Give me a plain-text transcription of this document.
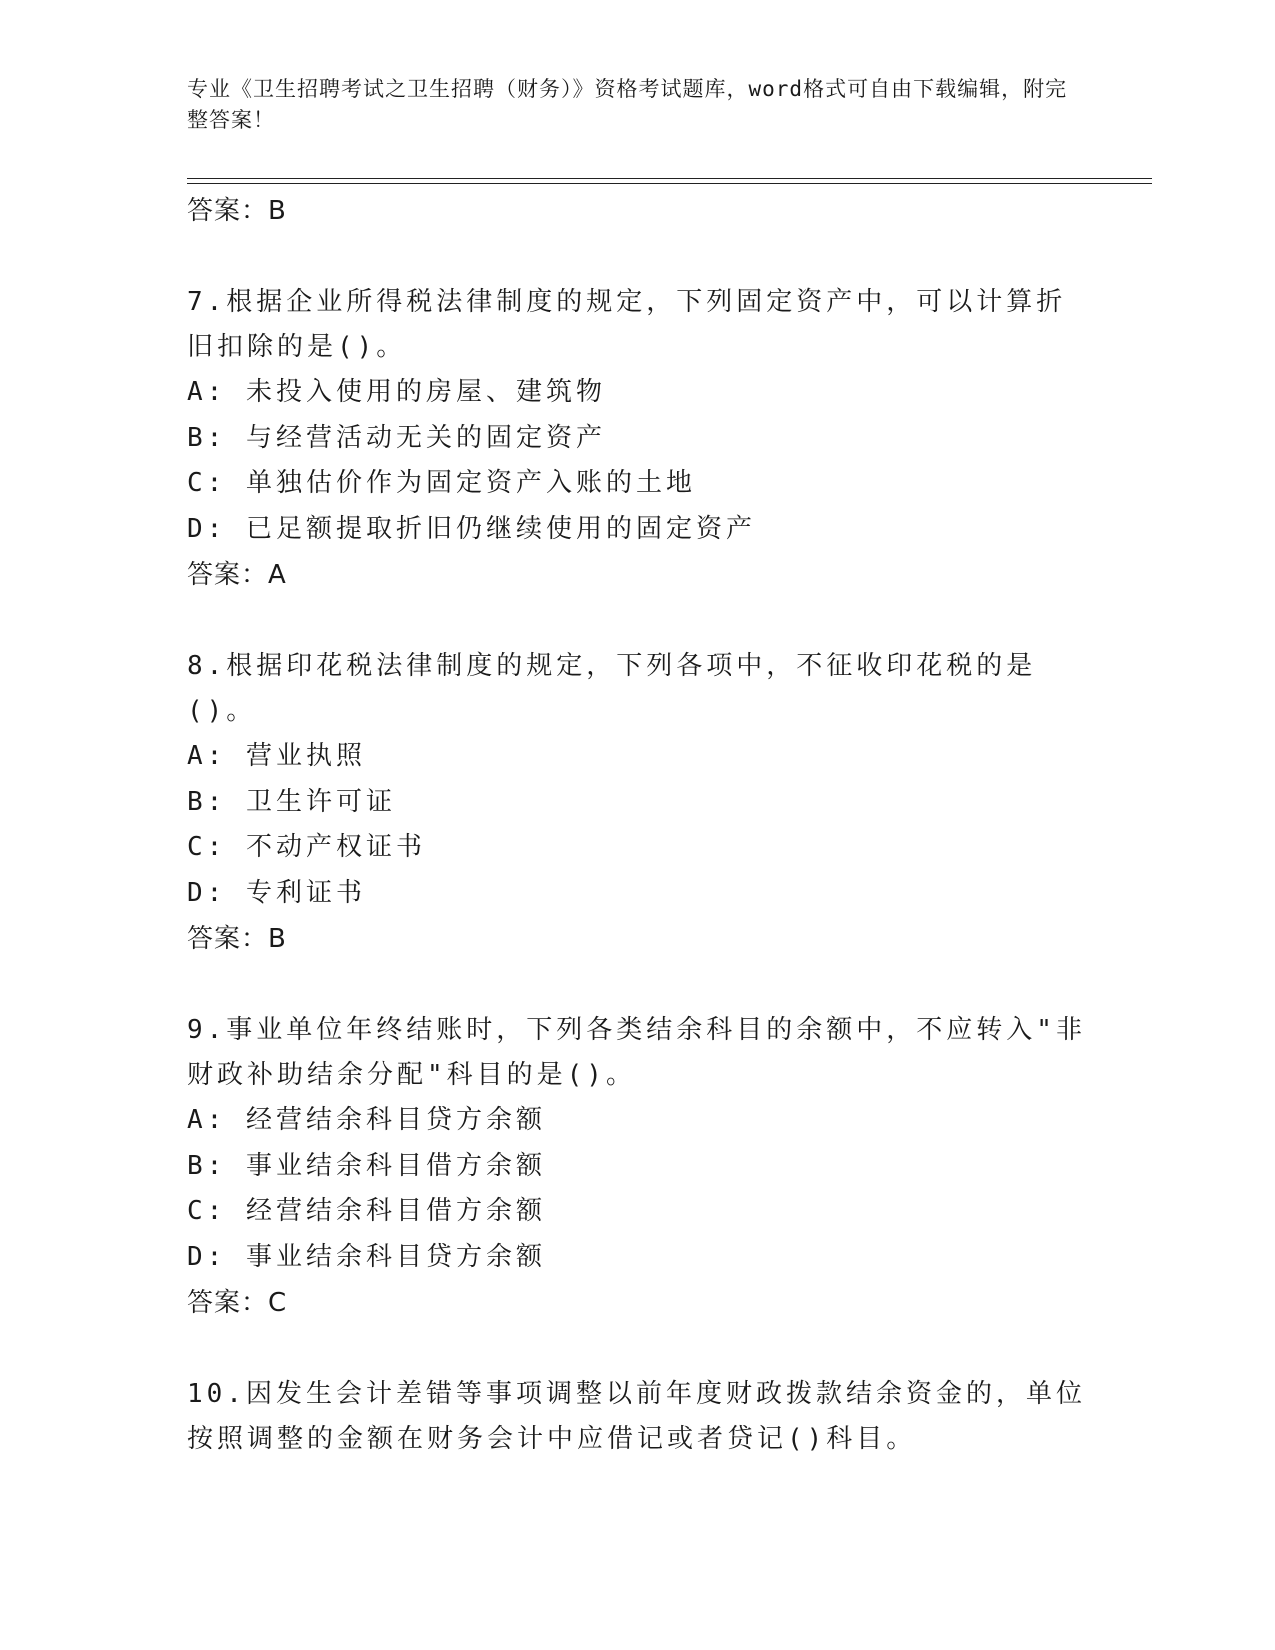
专业《卫生招聘考试之卫生招聘（财务）》资格考试题库，word格式可自由下载编辑，附完整答案！
答案：B
7.根据企业所得税法律制度的规定，下列固定资产中，可以计算折旧扣除的是()。
A: 未投入使用的房屋、建筑物
B: 与经营活动无关的固定资产
C: 单独估价作为固定资产入账的土地
D: 已足额提取折旧仍继续使用的固定资产
答案：A
8.根据印花税法律制度的规定，下列各项中，不征收印花税的是()。
A: 营业执照
B: 卫生许可证
C: 不动产权证书
D: 专利证书
答案：B
9.事业单位年终结账时，下列各类结余科目的余额中，不应转入"非财政补助结余分配"科目的是()。
A: 经营结余科目贷方余额
B: 事业结余科目借方余额
C: 经营结余科目借方余额
D: 事业结余科目贷方余额
答案：C
10.因发生会计差错等事项调整以前年度财政拨款结余资金的，单位按照调整的金额在财务会计中应借记或者贷记()科目。
